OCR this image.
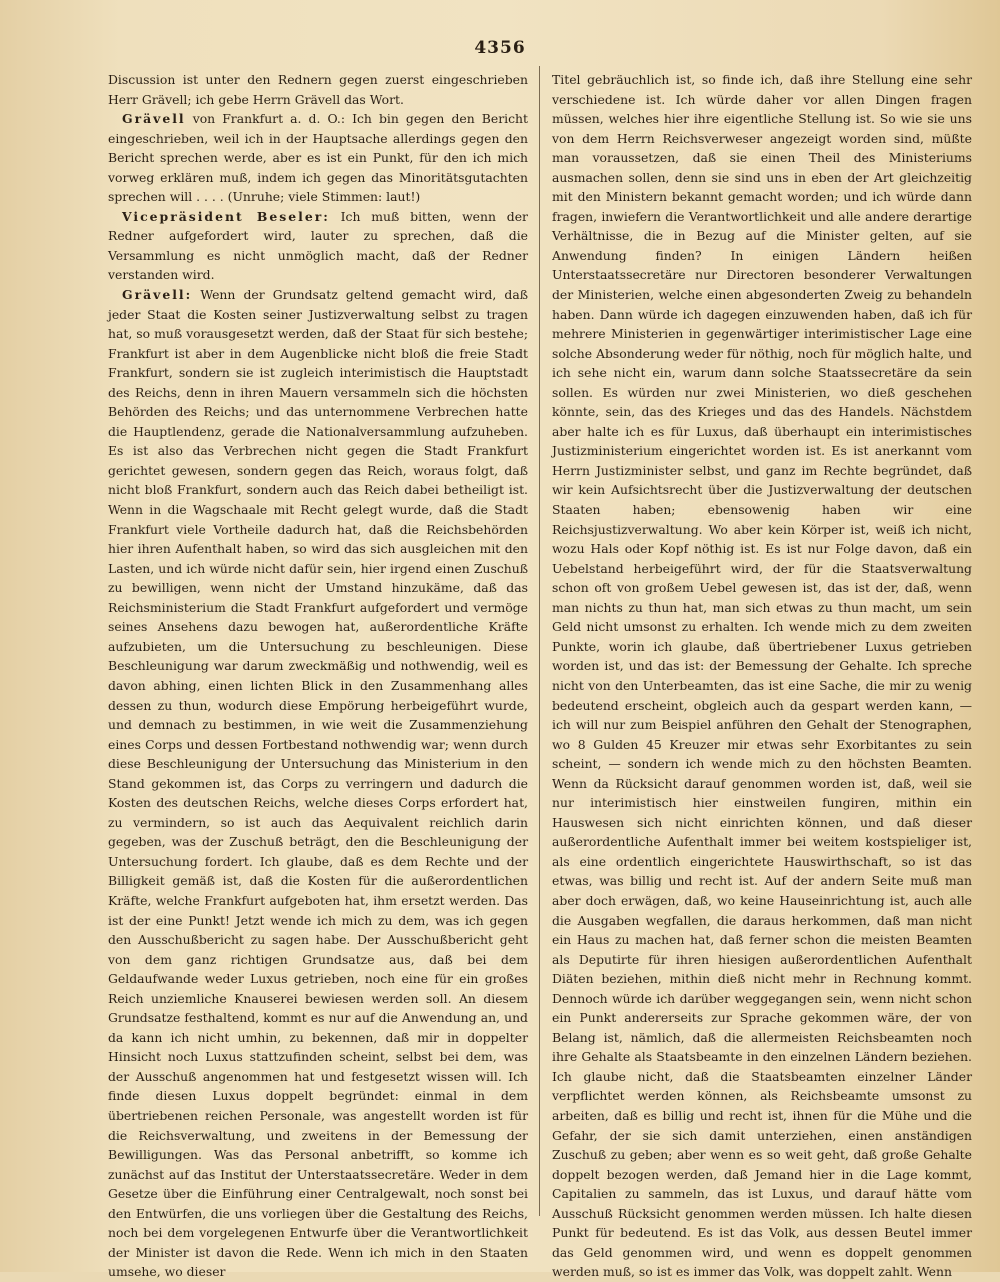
4356

Discussion ist unter den Rednern gegen zuerst eingeschrieben Herr Grävell; ich gebe Herrn Grävell das Wort.

Grävell von Frankfurt a. d. O.: Ich bin gegen den Bericht eingeschrieben, weil ich in der Hauptsache allerdings gegen den Bericht sprechen werde, aber es ist ein Punkt, für den ich mich vorweg erklären muß, indem ich gegen das Minoritätsgutachten sprechen will . . . . (Unruhe; viele Stimmen: laut!)

Vicepräsident Beseler: Ich muß bitten, wenn der Redner aufgefordert wird, lauter zu sprechen, daß die Versammlung es nicht unmöglich macht, daß der Redner verstanden wird.

Grävell: Wenn der Grundsatz geltend gemacht wird, daß jeder Staat die Kosten seiner Justizverwaltung selbst zu tragen hat, so muß vorausgesetzt werden, daß der Staat für sich bestehe; Frankfurt ist aber in dem Augenblicke nicht bloß die freie Stadt Frankfurt, sondern sie ist zugleich interimistisch die Hauptstadt des Reichs, denn in ihren Mauern versammeln sich die höchsten Behörden des Reichs; und das unternommene Verbrechen hatte die Hauptlendenz, gerade die Nationalversammlung aufzuheben. Es ist also das Verbrechen nicht gegen die Stadt Frankfurt gerichtet gewesen, sondern gegen das Reich, woraus folgt, daß nicht bloß Frankfurt, sondern auch das Reich dabei betheiligt ist. Wenn in die Wagschaale mit Recht gelegt wurde, daß die Stadt Frankfurt viele Vortheile dadurch hat, daß die Reichsbehörden hier ihren Aufenthalt haben, so wird das sich ausgleichen mit den Lasten, und ich würde nicht dafür sein, hier irgend einen Zuschuß zu bewilligen, wenn nicht der Umstand hinzukäme, daß das Reichsministerium die Stadt Frankfurt aufgefordert und vermöge seines Ansehens dazu bewogen hat, außerordentliche Kräfte aufzubieten, um die Untersuchung zu beschleunigen. Diese Beschleunigung war darum zweckmäßig und nothwendig, weil es davon abhing, einen lichten Blick in den Zusammenhang alles dessen zu thun, wodurch diese Empörung herbeigeführt wurde, und demnach zu bestimmen, in wie weit die Zusammenziehung eines Corps und dessen Fortbestand nothwendig war; wenn durch diese Beschleunigung der Untersuchung das Ministerium in den Stand gekommen ist, das Corps zu verringern und dadurch die Kosten des deutschen Reichs, welche dieses Corps erfordert hat, zu vermindern, so ist auch das Aequivalent reichlich darin gegeben, was der Zuschuß beträgt, den die Beschleunigung der Untersuchung fordert. Ich glaube, daß es dem Rechte und der Billigkeit gemäß ist, daß die Kosten für die außerordentlichen Kräfte, welche Frankfurt aufgeboten hat, ihm ersetzt werden. Das ist der eine Punkt! Jetzt wende ich mich zu dem, was ich gegen den Ausschußbericht zu sagen habe. Der Ausschußbericht geht von dem ganz richtigen Grundsatze aus, daß bei dem Geldaufwande weder Luxus getrieben, noch eine für ein großes Reich unziemliche Knauserei bewiesen werden soll. An diesem Grundsatze festhaltend, kommt es nur auf die Anwendung an, und da kann ich nicht umhin, zu bekennen, daß mir in doppelter Hinsicht noch Luxus stattzufinden scheint, selbst bei dem, was der Ausschuß angenommen hat und festgesetzt wissen will. Ich finde diesen Luxus doppelt begründet: einmal in dem übertriebenen reichen Personale, was angestellt worden ist für die Reichsverwaltung, und zweitens in der Bemessung der Bewilligungen. Was das Personal anbetrifft, so komme ich zunächst auf das Institut der Unterstaatssecretäre. Weder in dem Gesetze über die Einführung einer Centralgewalt, noch sonst bei den Entwürfen, die uns vorliegen über die Gestaltung des Reichs, noch bei dem vorgelegenen Entwurfe über die Verantwortlichkeit der Minister ist davon die Rede. Wenn ich mich in den Staaten umsehe, wo dieser

Titel gebräuchlich ist, so finde ich, daß ihre Stellung eine sehr verschiedene ist. Ich würde daher vor allen Dingen fragen müssen, welches hier ihre eigentliche Stellung ist. So wie sie uns von dem Herrn Reichsverweser angezeigt worden sind, müßte man voraussetzen, daß sie einen Theil des Ministeriums ausmachen sollen, denn sie sind uns in eben der Art gleichzeitig mit den Ministern bekannt gemacht worden; und ich würde dann fragen, inwiefern die Verantwortlichkeit und alle andere derartige Verhältnisse, die in Bezug auf die Minister gelten, auf sie Anwendung finden? In einigen Ländern heißen Unterstaatssecretäre nur Directoren besonderer Verwaltungen der Ministerien, welche einen abgesonderten Zweig zu behandeln haben. Dann würde ich dagegen einzuwenden haben, daß ich für mehrere Ministerien in gegenwärtiger interimistischer Lage eine solche Absonderung weder für nöthig, noch für möglich halte, und ich sehe nicht ein, warum dann solche Staatssecretäre da sein sollen. Es würden nur zwei Ministerien, wo dieß geschehen könnte, sein, das des Krieges und das des Handels. Nächstdem aber halte ich es für Luxus, daß überhaupt ein interimistisches Justizministerium eingerichtet worden ist. Es ist anerkannt vom Herrn Justizminister selbst, und ganz im Rechte begründet, daß wir kein Aufsichtsrecht über die Justizverwaltung der deutschen Staaten haben; ebensowenig haben wir eine Reichsjustizverwaltung. Wo aber kein Körper ist, weiß ich nicht, wozu Hals oder Kopf nöthig ist. Es ist nur Folge davon, daß ein Uebelstand herbeigeführt wird, der für die Staatsverwaltung schon oft von großem Uebel gewesen ist, das ist der, daß, wenn man nichts zu thun hat, man sich etwas zu thun macht, um sein Geld nicht umsonst zu erhalten. Ich wende mich zu dem zweiten Punkte, worin ich glaube, daß übertriebener Luxus getrieben worden ist, und das ist: der Bemessung der Gehalte. Ich spreche nicht von den Unterbeamten, das ist eine Sache, die mir zu wenig bedeutend erscheint, obgleich auch da gespart werden kann, — ich will nur zum Beispiel anführen den Gehalt der Stenographen, wo 8 Gulden 45 Kreuzer mir etwas sehr Exorbitantes zu sein scheint, — sondern ich wende mich zu den höchsten Beamten. Wenn da Rücksicht darauf genommen worden ist, daß, weil sie nur interimistisch hier einstweilen fungiren, mithin ein Hauswesen sich nicht einrichten können, und daß dieser außerordentliche Aufenthalt immer bei weitem kostspieliger ist, als eine ordentlich eingerichtete Hauswirthschaft, so ist das etwas, was billig und recht ist. Auf der andern Seite muß man aber doch erwägen, daß, wo keine Hauseinrichtung ist, auch alle die Ausgaben wegfallen, die daraus herkommen, daß man nicht ein Haus zu machen hat, daß ferner schon die meisten Beamten als Deputirte für ihren hiesigen außerordentlichen Aufenthalt Diäten beziehen, mithin dieß nicht mehr in Rechnung kommt. Dennoch würde ich darüber weggegangen sein, wenn nicht schon ein Punkt andererseits zur Sprache gekommen wäre, der von Belang ist, nämlich, daß die allermeisten Reichsbeamten noch ihre Gehalte als Staatsbeamte in den einzelnen Ländern beziehen. Ich glaube nicht, daß die Staatsbeamten einzelner Länder verpflichtet werden können, als Reichsbeamte umsonst zu arbeiten, daß es billig und recht ist, ihnen für die Mühe und die Gefahr, der sie sich damit unterziehen, einen anständigen Zuschuß zu geben; aber wenn es so weit geht, daß große Gehalte doppelt bezogen werden, daß Jemand hier in die Lage kommt, Capitalien zu sammeln, das ist Luxus, und darauf hätte vom Ausschuß Rücksicht genommen werden müssen. Ich halte diesen Punkt für bedeutend. Es ist das Volk, aus dessen Beutel immer das Geld genommen wird, und wenn es doppelt genommen werden muß, so ist es immer das Volk, was doppelt zahlt. Wenn
